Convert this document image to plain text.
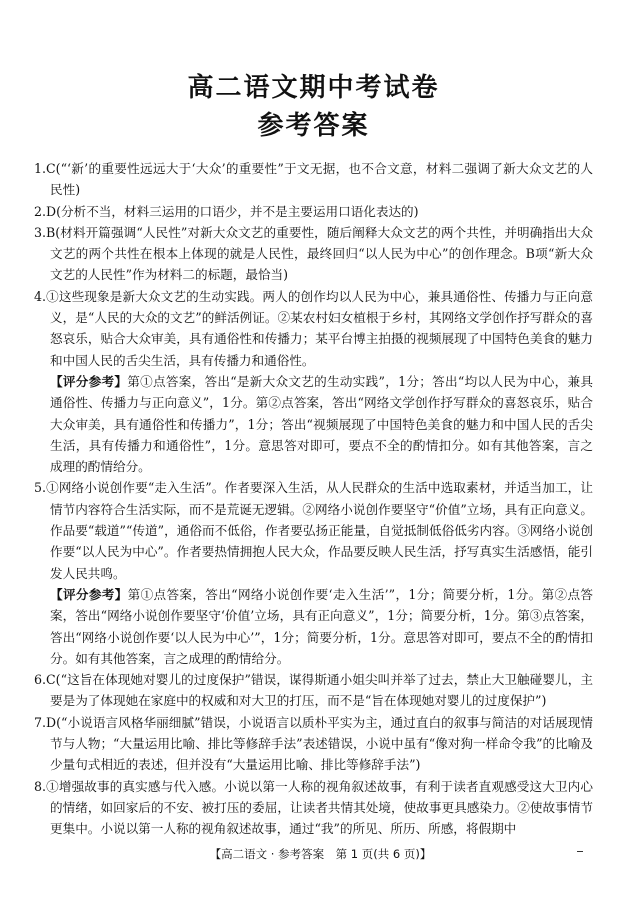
高二语文期中考试卷
参考答案

1.C(“‘新’的重要性远远大于‘大众’的重要性”于文无据，也不合文意，材料二强调了新大众文艺的人民性)

2.D(分析不当，材料三运用的口语少，并不是主要运用口语化表达的)

3.B(材料开篇强调“人民性”对新大众文艺的重要性，随后阐释大众文艺的两个共性，并明确指出大众文艺的两个共性在根本上体现的就是人民性，最终回归“以人民为中心”的创作理念。B项“新大众文艺的人民性”作为材料二的标题，最恰当)

4.①这些现象是新大众文艺的生动实践。两人的创作均以人民为中心，兼具通俗性、传播力与正向意义，是“人民的大众的文艺”的鲜活例证。②某农村妇女植根于乡村，其网络文学创作抒写群众的喜怒哀乐，贴合大众审美，具有通俗性和传播力；某平台博主拍摄的视频展现了中国特色美食的魅力和中国人民的舌尖生活，具有传播力和通俗性。

【评分参考】第①点答案，答出“是新大众文艺的生动实践”，1分；答出“均以人民为中心，兼具通俗性、传播力与正向意义”，1分。第②点答案，答出“网络文学创作抒写群众的喜怒哀乐，贴合大众审美，具有通俗性和传播力”，1分；答出“视频展现了中国特色美食的魅力和中国人民的舌尖生活，具有传播力和通俗性”，1分。意思答对即可，要点不全的酌情扣分。如有其他答案，言之成理的酌情给分。

5.①网络小说创作要“走入生活”。作者要深入生活，从人民群众的生活中选取素材，并适当加工，让情节内容符合生活实际，而不是荒诞无逻辑。②网络小说创作要坚守“价值”立场，具有正向意义。作品要“载道”“传道”，通俗而不低俗，作者要弘扬正能量，自觉抵制低俗低劣内容。③网络小说创作要“以人民为中心”。作者要热情拥抱人民大众，作品要反映人民生活，抒写真实生活感悟，能引发人民共鸣。

【评分参考】第①点答案，答出“网络小说创作要‘走入生活’”，1分；简要分析，1分。第②点答案，答出“网络小说创作要坚守‘价值’立场，具有正向意义”，1分；简要分析，1分。第③点答案，答出“网络小说创作要‘以人民为中心’”，1分；简要分析，1分。意思答对即可，要点不全的酌情扣分。如有其他答案，言之成理的酌情给分。

6.C(“这旨在体现她对婴儿的过度保护”错误，谋得斯通小姐尖叫并举了过去，禁止大卫触碰婴儿，主要是为了体现她在家庭中的权威和对大卫的打压，而不是“旨在体现她对婴儿的过度保护”)

7.D(“小说语言风格华丽细腻”错误，小说语言以质朴平实为主，通过直白的叙事与简洁的对话展现情节与人物；“大量运用比喻、排比等修辞手法”表述错误，小说中虽有“像对狗一样命令我”的比喻及少量句式相近的表述，但并没有“大量运用比喻、排比等修辞手法”)

8.①增强故事的真实感与代入感。小说以第一人称的视角叙述故事，有利于读者直观感受这大卫内心的情绪，如回家后的不安、被打压的委屈，让读者共情其处境，使故事更具感染力。②使故事情节更集中。小说以第一人称的视角叙述故事，通过“我”的所见、所历、所感，将假期中

【高二语文 · 参考答案　第 1 页(共 6 页)】
